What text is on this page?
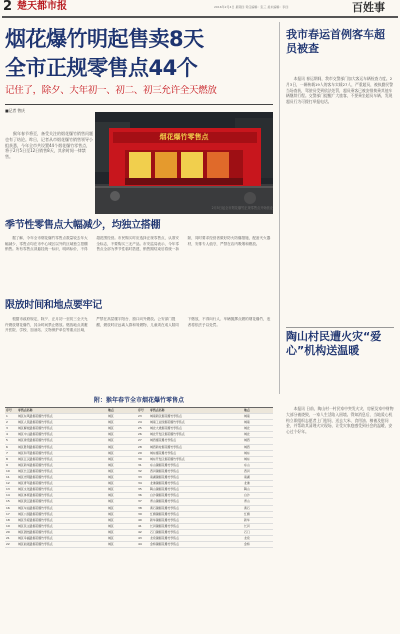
2 楚天都市报	2016年2月4日 星期四 责任编辑：张三 美术编辑：李四	百姓事
烟花爆竹明起售卖8天
全市正规零售点44个
记住了，除夕、大年初一、初二、初三允许全天燃放
■记者 曾庆

猴年春节将至，备受关注的烟花爆竹销售问题也有了结论。昨日，记者从市烟花爆竹销售领导小组获悉，今年全市共设置44个烟花爆竹零售点，将于2月5日至12日销售8天，其余时间一律禁售。

烟花爆竹零售点
2月5日起全市烟花爆竹正规零售点开始营业
季节性零售点大幅减少，均独立搭棚

据了解，今年全市烟花爆竹零售点数量较去年大幅减少，零售点均在市中心城区以外的区域独立搭棚销售。所有零售点须悬挂统一标识，明码标价，不得超范围经营。市民购买时应选择正规零售点，认准安全标志，不要购买三无产品。市安监局表示，今年零售点全部为季节性临时搭建，销售期结束后将统一拆除，同时要求经营者做好防火防爆措施，配备灭火器材，安排专人值守，严禁在店内吸烟和燃放。

限放时间和地点要牢记

根据市政府规定，除夕、正月初一至初三全天允许燃放烟花爆竹，其余时间禁止燃放。燃放地点须避开医院、学校、加油站、文物保护单位等重点区域，严禁在高层楼宇阳台、窗口向外燃放。公安部门提醒，燃放时应远离人群和易燃物，儿童须在成人陪同下燃放，不得向行人、车辆抛掷点燃的烟花爆竹，违者将依法予以处罚。

我市春运首例客车超员被查

本报讯 春运期间，我市交警部门加大客运车辆检查力度。2月3日，一辆核载19人的客车实载27人，严重超员，被执勤民警当场查获，驾驶员受到依法处罚，超员乘客已被安排换乘其他车辆继续行程。交警部门提醒广大旅客，不要乘坐超员车辆，发现超员行为可拨打举报电话。

陶山村民遭火灾“爱心”机构送温暖

本报讯 日前，陶山村一村民家中突发火灾，房屋及家中财物大部分被烧毁，一家人生活陷入困境。得知消息后，当地爱心机构立即组织志愿者上门慰问，送去大米、食用油、棉被及慰问金，并帮助其清理火灾现场，让受灾家庭感受到社会的温暖，安心过个好年。

附：猴年春节全市烟花爆竹零售点
序号	零售点名称	地点	序号	零售点名称	地点
1	城区东风路烟花爆竹零售点	城区	23	城南新区烟花爆竹零售点	城南
2	城区人民路烟花爆竹零售点	城区	24	城南工业园烟花爆竹零售点	城南
3	城区解放路烟花爆竹零售点	城区	25	城北大道烟花爆竹零售点	城北
4	城区中山路烟花爆竹零售点	城区	26	城北开发区烟花爆竹零售点	城北
5	城区建设路烟花爆竹零售点	城区	27	城西烟花爆竹零售点	城西
6	城区胜利路烟花爆竹零售点	城区	28	城西新村烟花爆竹零售点	城西
7	城区和平路烟花爆竹零售点	城区	29	城东烟花爆竹零售点	城东
8	城区江汉路烟花爆竹零售点	城区	30	城东开发区烟花爆竹零售点	城东
9	城区新华路烟花爆竹零售点	城区	31	东山镇烟花爆竹零售点	东山
10	城区长江路烟花爆竹零售点	城区	32	西河镇烟花爆竹零售点	西河
11	城区光明路烟花爆竹零售点	城区	33	南湖镇烟花爆竹零售点	南湖
12	城区青年路烟花爆竹零售点	城区	34	北港镇烟花爆竹零售点	北港
13	城区文化路烟花爆竹零售点	城区	35	陶山镇烟花爆竹零售点	陶山
14	城区体育路烟花爆竹零售点	城区	36	白沙镇烟花爆竹零售点	白沙
15	城区滨江路烟花爆竹零售点	城区	37	青山镇烟花爆竹零售点	青山
16	城区车站路烟花爆竹零售点	城区	38	黄石镇烟花爆竹零售点	黄石
17	城区公园路烟花爆竹零售点	城区	39	红旗镇烟花爆竹零售点	红旗
18	城区学府路烟花爆竹零售点	城区	40	新华镇烟花爆竹零售点	新华
19	城区民主路烟花爆竹零售点	城区	41	长河镇烟花爆竹零售点	长河
20	城区团结路烟花爆竹零售点	城区	42	石门镇烟花爆竹零售点	石门
21	城区幸福路烟花爆竹零售点	城区	43	龙泉镇烟花爆竹零售点	龙泉
22	城区前进路烟花爆竹零售点	城区	44	金桥镇烟花爆竹零售点	金桥
